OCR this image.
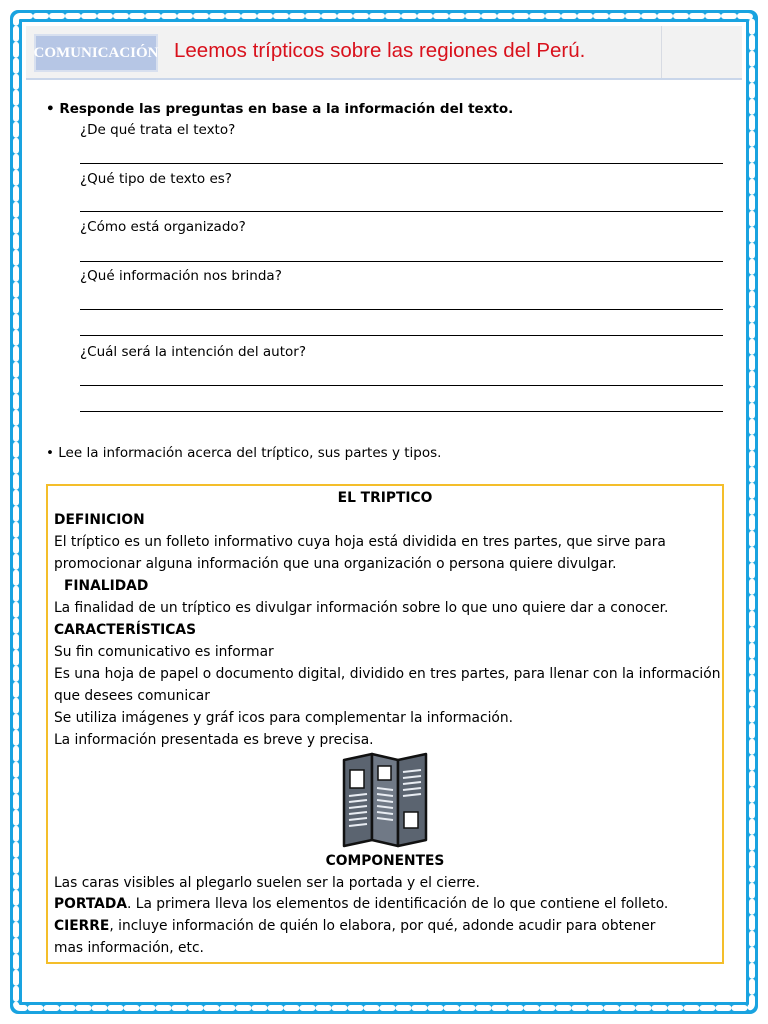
COMUNICACIÓN Leemos trípticos sobre las regiones del Perú.
• Responde las preguntas en base a la información del texto.
¿De qué trata el texto?
¿Qué tipo de texto es?
¿Cómo está organizado?
¿Qué información nos brinda?
¿Cuál será la intención del autor?
• Lee la información acerca del tríptico, sus partes y tipos.
EL TRIPTICO
DEFINICION
El tríptico es un folleto informativo cuya hoja está dividida en tres partes, que sirve para
promocionar alguna información que una organización o persona quiere divulgar.
FINALIDAD
La finalidad de un tríptico es divulgar información sobre lo que uno quiere dar a conocer.
CARACTERÍSTICAS
Su fin comunicativo es informar
Es una hoja de papel o documento digital, dividido en tres partes, para llenar con la información
que desees comunicar
Se utiliza imágenes y gráf icos para complementar la información.
La información presentada es breve y precisa.
COMPONENTES
Las caras visibles al plegarlo suelen ser la portada y el cierre.
PORTADA. La primera lleva los elementos de identificación de lo que contiene el folleto.
CIERRE, incluye información de quién lo elabora, por qué, adonde acudir para obtener
mas información, etc.
